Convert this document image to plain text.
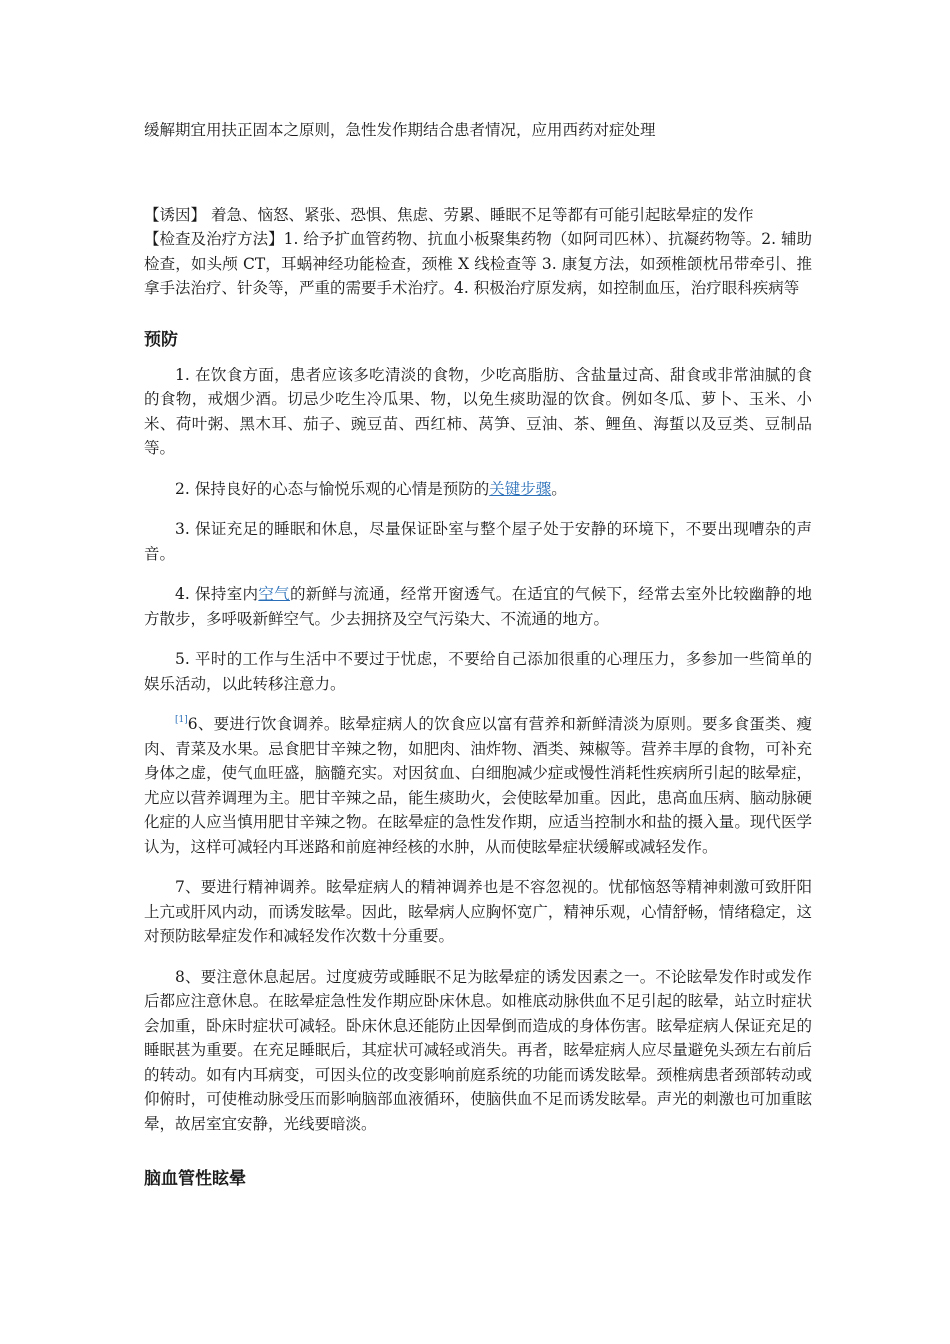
缓解期宜用扶正固本之原则，急性发作期结合患者情况，应用西药对症处理

【诱因】 着急、恼怒、紧张、恐惧、焦虑、劳累、睡眠不足等都有可能引起眩晕症的发作

【检查及治疗方法】1. 给予扩血管药物、抗血小板聚集药物（如阿司匹林）、抗凝药物等。2. 辅助检查，如头颅 CT，耳蜗神经功能检查，颈椎 X 线检查等 3. 康复方法，如颈椎颌枕吊带牵引、推拿手法治疗、针灸等，严重的需要手术治疗。4. 积极治疗原发病，如控制血压，治疗眼科疾病等

预防

1. 在饮食方面，患者应该多吃清淡的食物，少吃高脂肪、含盐量过高、甜食或非常油腻的食的食物，戒烟少酒。切忌少吃生冷瓜果、物，以免生痰助湿的饮食。例如冬瓜、萝卜、玉米、小米、荷叶粥、黑木耳、茄子、豌豆苗、西红柿、莴笋、豆油、茶、鲤鱼、海蜇以及豆类、豆制品等。

2. 保持良好的心态与愉悦乐观的心情是预防的关键步骤。

3. 保证充足的睡眠和休息，尽量保证卧室与整个屋子处于安静的环境下，不要出现嘈杂的声音。

4. 保持室内空气的新鲜与流通，经常开窗透气。在适宜的气候下，经常去室外比较幽静的地方散步，多呼吸新鲜空气。少去拥挤及空气污染大、不流通的地方。

5. 平时的工作与生活中不要过于忧虑，不要给自己添加很重的心理压力，多参加一些简单的娱乐活动，以此转移注意力。

[1]6、要进行饮食调养。眩晕症病人的饮食应以富有营养和新鲜清淡为原则。要多食蛋类、瘦肉、青菜及水果。忌食肥甘辛辣之物，如肥肉、油炸物、酒类、辣椒等。营养丰厚的食物，可补充身体之虚，使气血旺盛，脑髓充实。对因贫血、白细胞减少症或慢性消耗性疾病所引起的眩晕症，尤应以营养调理为主。肥甘辛辣之品，能生痰助火，会使眩晕加重。因此，患高血压病、脑动脉硬化症的人应当慎用肥甘辛辣之物。在眩晕症的急性发作期，应适当控制水和盐的摄入量。现代医学认为，这样可减轻内耳迷路和前庭神经核的水肿，从而使眩晕症状缓解或减轻发作。

7、要进行精神调养。眩晕症病人的精神调养也是不容忽视的。忧郁恼怒等精神刺激可致肝阳上亢或肝风内动，而诱发眩晕。因此，眩晕病人应胸怀宽广，精神乐观，心情舒畅，情绪稳定，这对预防眩晕症发作和减轻发作次数十分重要。

8、要注意休息起居。过度疲劳或睡眠不足为眩晕症的诱发因素之一。不论眩晕发作时或发作后都应注意休息。在眩晕症急性发作期应卧床休息。如椎底动脉供血不足引起的眩晕，站立时症状会加重，卧床时症状可减轻。卧床休息还能防止因晕倒而造成的身体伤害。眩晕症病人保证充足的睡眠甚为重要。在充足睡眠后，其症状可减轻或消失。再者，眩晕症病人应尽量避免头颈左右前后的转动。如有内耳病变，可因头位的改变影响前庭系统的功能而诱发眩晕。颈椎病患者颈部转动或仰俯时，可使椎动脉受压而影响脑部血液循环，使脑供血不足而诱发眩晕。声光的刺激也可加重眩晕，故居室宜安静，光线要暗淡。

脑血管性眩晕
